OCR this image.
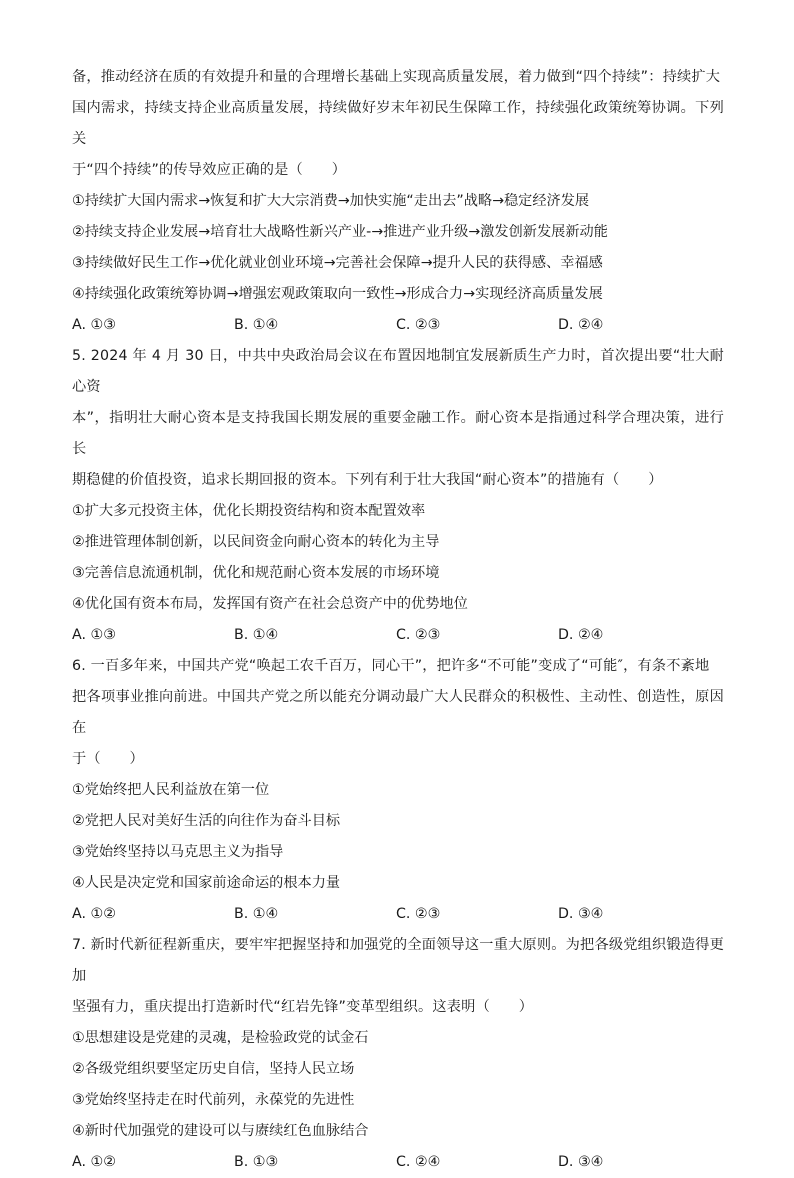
备，推动经济在质的有效提升和量的合理增长基础上实现高质量发展，着力做到“四个持续”：持续扩大

国内需求，持续支持企业高质量发展，持续做好岁末年初民生保障工作，持续强化政策统筹协调。下列关

于“四个持续”的传导效应正确的是（　　）

①持续扩大国内需求→恢复和扩大大宗消费→加快实施“走出去”战略→稳定经济发展

②持续支持企业发展→培育壮大战略性新兴产业-→推进产业升级→激发创新发展新动能

③持续做好民生工作→优化就业创业环境→完善社会保障→提升人民的获得感、幸福感

④持续强化政策统筹协调→增强宏观政策取向一致性→形成合力→实现经济高质量发展

A. ①③	B. ①④	C. ②③	D. ②④

5. 2024 年 4 月 30 日，中共中央政治局会议在布置因地制宜发展新质生产力时，首次提出要“壮大耐心资

本”，指明壮大耐心资本是支持我国长期发展的重要金融工作。耐心资本是指通过科学合理决策，进行长

期稳健的价值投资，追求长期回报的资本。下列有利于壮大我国“耐心资本”的措施有（　　）

①扩大多元投资主体，优化长期投资结构和资本配置效率

②推进管理体制创新，以民间资金向耐心资本的转化为主导

③完善信息流通机制，优化和规范耐心资本发展的市场环境

④优化国有资本布局，发挥国有资产在社会总资产中的优势地位

A. ①③	B. ①④	C. ②③	D. ②④

6. 一百多年来，中国共产党“唤起工农千百万，同心干”，把许多“不可能”变成了“可能″，有条不紊地

把各项事业推向前进。中国共产党之所以能充分调动最广大人民群众的积极性、主动性、创造性，原因在

于（　　）

①党始终把人民利益放在第一位

②党把人民对美好生活的向往作为奋斗目标

③党始终坚持以马克思主义为指导

④人民是决定党和国家前途命运的根本力量

A. ①②	B. ①④	C. ②③	D. ③④

7. 新时代新征程新重庆，要牢牢把握坚持和加强党的全面领导这一重大原则。为把各级党组织锻造得更加

坚强有力，重庆提出打造新时代“红岩先锋”变革型组织。这表明（　　）

①思想建设是党建的灵魂，是检验政党的试金石

②各级党组织要坚定历史自信，坚持人民立场

③党始终坚持走在时代前列，永葆党的先进性

④新时代加强党的建设可以与赓续红色血脉结合

A. ①②	B. ①③	C. ②④	D. ③④
